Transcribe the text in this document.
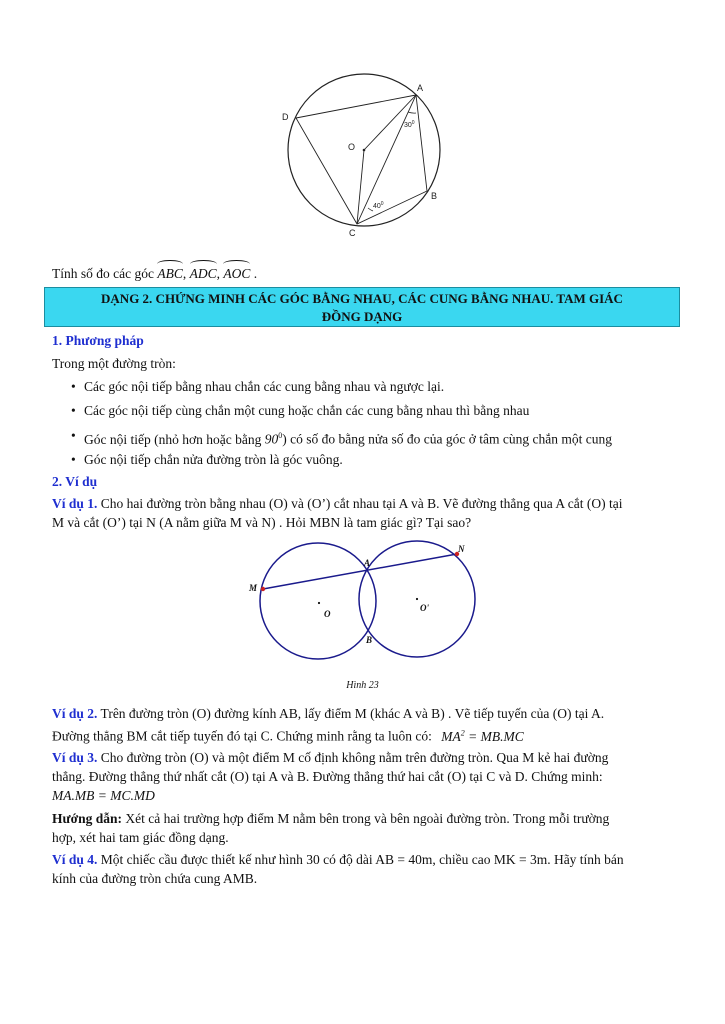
A
D
O
B
C
$30^0$
$40^0$

Tính số đo các góc ABC, ADC, AOC .

DẠNG 2. CHỨNG MINH CÁC GÓC BẰNG NHAU, CÁC CUNG BẰNG NHAU. TAM GIÁC
ĐỒNG DẠNG

1. Phương pháp

Trong một đường tròn:

• Các góc nội tiếp bằng nhau chắn các cung bằng nhau và ngược lại.

• Các góc nội tiếp cùng chắn một cung hoặc chắn các cung bằng nhau thì bằng nhau

• Góc nội tiếp (nhỏ hơn hoặc bằng $90^0$) có số đo bằng nửa số đo của góc ở tâm cùng chắn một cung

• Góc nội tiếp chắn nửa đường tròn là góc vuông.

2. Ví dụ

Ví dụ 1. Cho hai đường tròn bằng nhau (O) và (O’) cắt nhau tại A và B. Vẽ đường thẳng qua A cắt (O) tại
M và cắt (O’) tại N (A nằm giữa M và N) . Hỏi MBN là tam giác gì? Tại sao?

M
N
A
B
O
O'

Hình 23

Ví dụ 2. Trên đường tròn (O) đường kính AB, lấy điểm M (khác A và B) . Vẽ tiếp tuyến của (O) tại A.
Đường thẳng BM cắt tiếp tuyến đó tại C. Chứng minh rằng ta luôn có: $MA^2 = MB.MC$

Ví dụ 3. Cho đường tròn (O) và một điểm M cố định không nằm trên đường tròn. Qua M kẻ hai đường
thẳng. Đường thẳng thứ nhất cắt (O) tại A và B. Đường thẳng thứ hai cắt (O) tại C và D. Chứng minh:
MA.MB = MC.MD

Hướng dẫn: Xét cả hai trường hợp điểm M nằm bên trong và bên ngoài đường tròn. Trong mỗi trường
hợp, xét hai tam giác đồng dạng.

Ví dụ 4. Một chiếc cầu được thiết kế như hình 30 có độ dài AB = 40m, chiều cao MK = 3m. Hãy tính bán
kính của đường tròn chứa cung AMB.
